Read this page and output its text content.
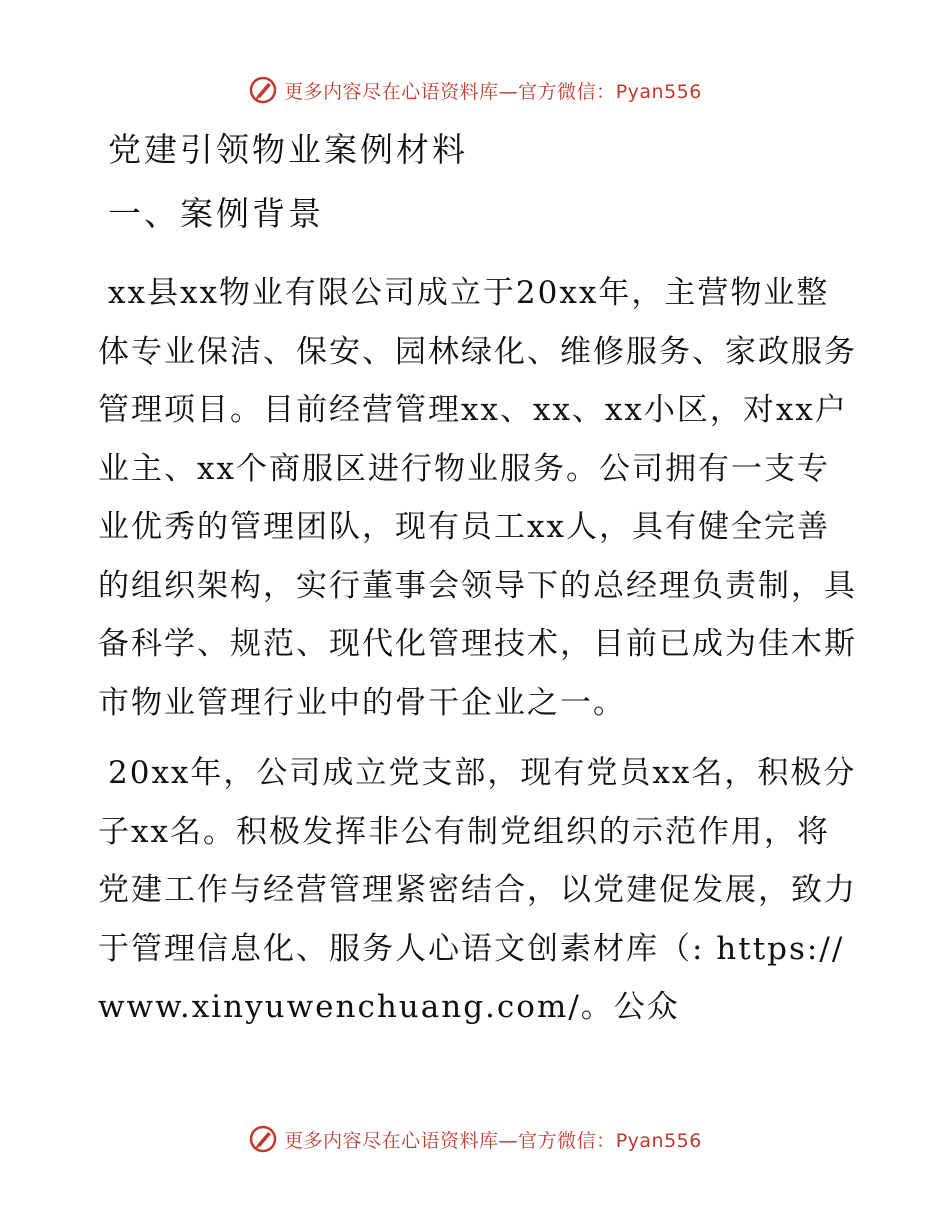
更多内容尽在心语资料库—官方微信：Pyan556
党建引领物业案例材料
一、案例背景

xx县xx物业有限公司成立于20xx年，主营物业整体专业保洁、保安、园林绿化、维修服务、家政服务管理项目。目前经营管理xx、xx、xx小区，对xx户业主、xx个商服区进行物业服务。公司拥有一支专业优秀的管理团队，现有员工xx人，具有健全完善的组织架构，实行董事会领导下的总经理负责制，具备科学、规范、现代化管理技术，目前已成为佳木斯市物业管理行业中的骨干企业之一。

20xx年，公司成立党支部，现有党员xx名，积极分子xx名。积极发挥非公有制党组织的示范作用，将党建工作与经营管理紧密结合，以党建促发展，致力于管理信息化、服务人心语文创素材库（: https://www.xinyuwenchuang.com/。公众

更多内容尽在心语资料库—官方微信：Pyan556
